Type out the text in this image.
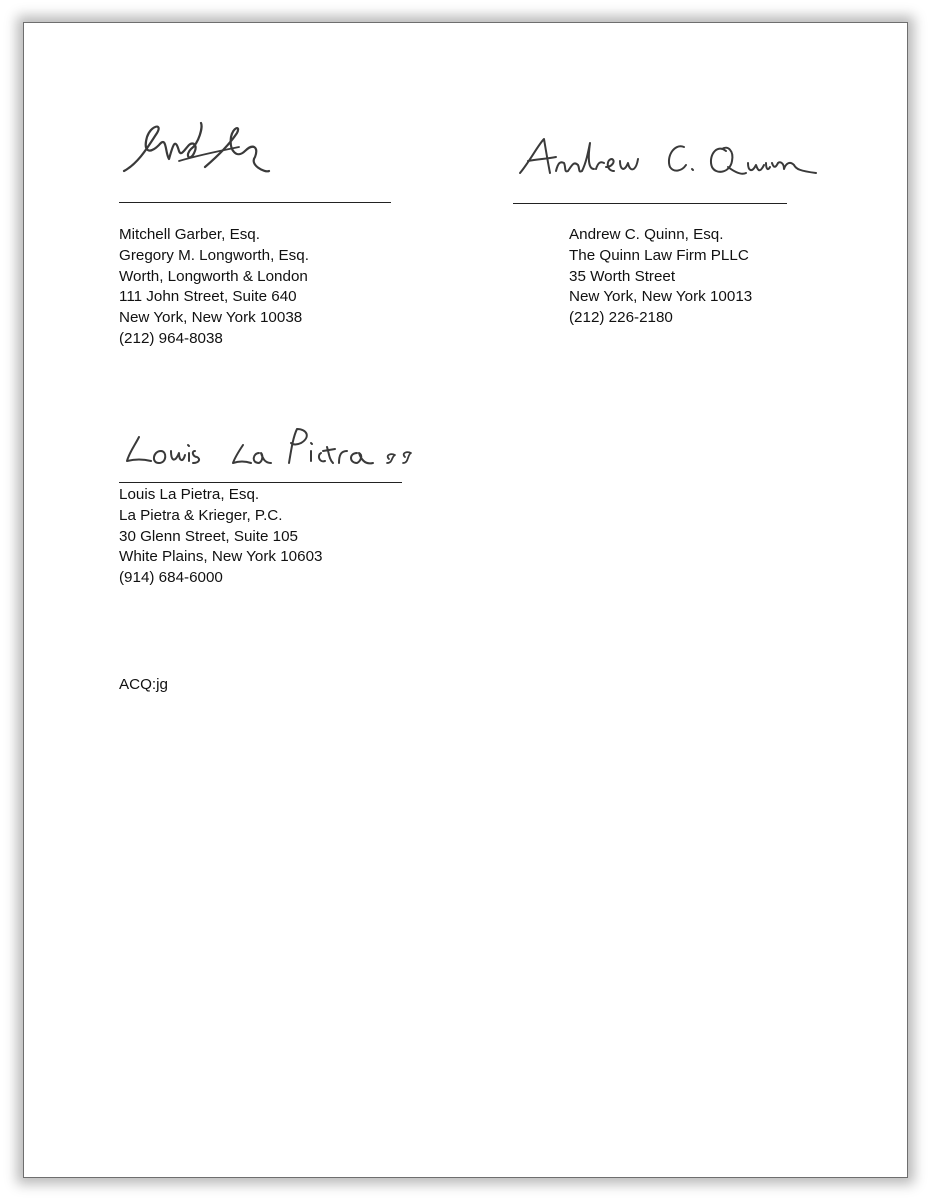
Mitchell Garber, Esq.
Gregory M. Longworth, Esq.
Worth, Longworth & London
111 John Street, Suite 640
New York, New York 10038
(212) 964-8038
Andrew C. Quinn, Esq.
The Quinn Law Firm PLLC
35 Worth Street
New York, New York 10013
(212) 226-2180
Louis La Pietra, Esq.
La Pietra & Krieger, P.C.
30 Glenn Street, Suite 105
White Plains, New York 10603
(914) 684-6000
ACQ:jg
